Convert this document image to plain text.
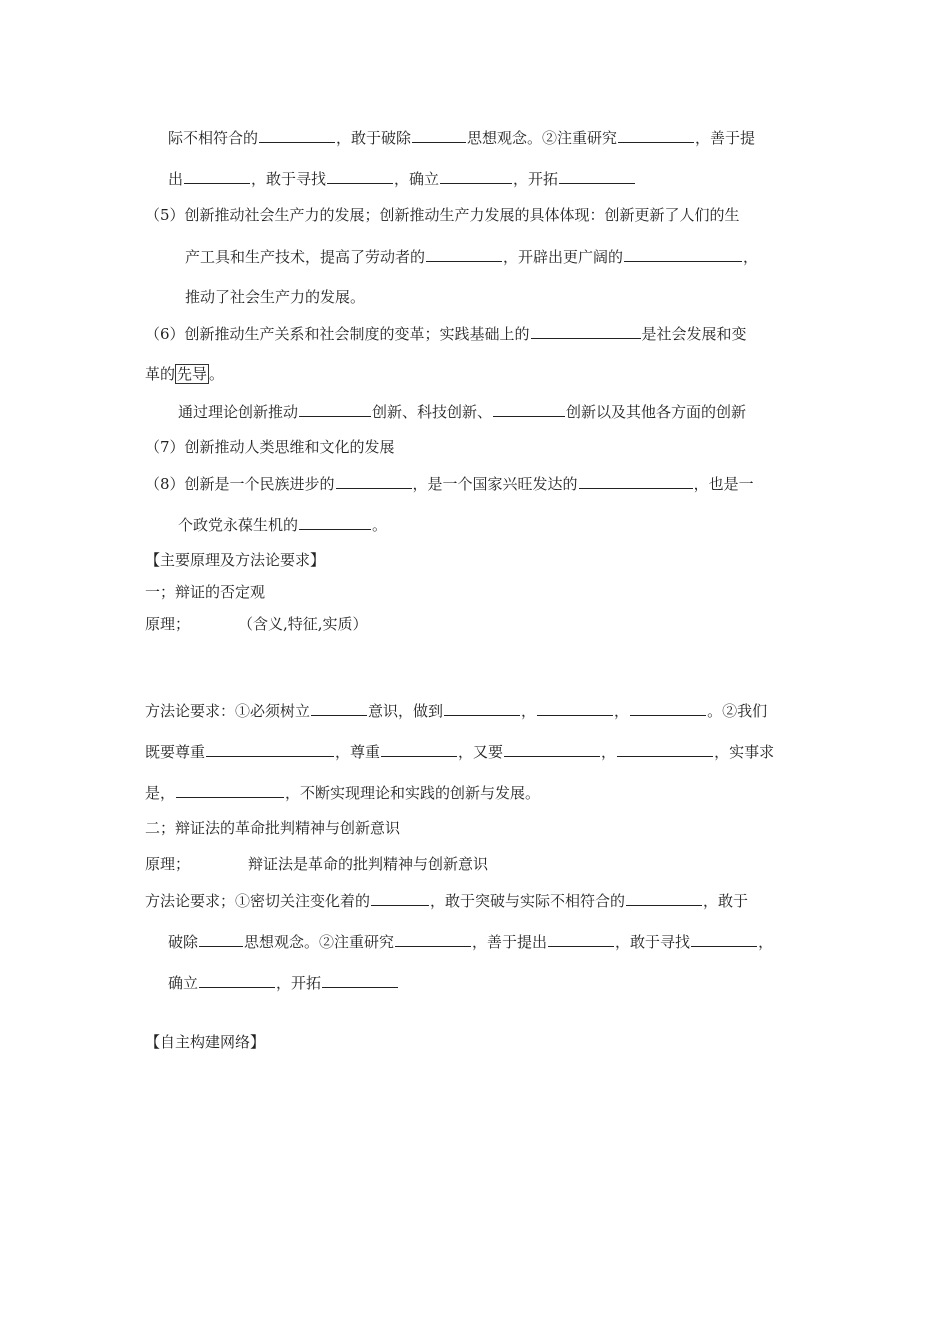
际不相符合的	，敢于破除	思想观念。②注重研究	，善于提
出	，敢于寻找	，确立	，开拓
（5）创新推动社会生产力的发展；创新推动生产力发展的具体体现：创新更新了人们的生
产工具和生产技术，提高了劳动者的	，开辟出更广阔的	，
推动了社会生产力的发展。
（6）创新推动生产关系和社会制度的变革；实践基础上的	是社会发展和变
革的 先导 。
通过理论创新推动	创新、科技创新、	创新以及其他各方面的创新
（7）创新推动人类思维和文化的发展
（8）创新是一个民族进步的	，是一个国家兴旺发达的	，也是一
个政党永葆生机的	。
【主要原理及方法论要求】
一；辩证的否定观
原理；	（含义,特征,实质）
方法论要求：①必须树立	意识，做到	，	，	。②我们
既要尊重	，尊重	，又要	，	，实事求
是，	，不断实现理论和实践的创新与发展。
二；辩证法的革命批判精神与创新意识
原理；	辩证法是革命的批判精神与创新意识
方法论要求；①密切关注变化着的	，敢于突破与实际不相符合的	，敢于
破除	思想观念。②注重研究	，善于提出	，敢于寻找	，
确立	，开拓
【自主构建网络】
